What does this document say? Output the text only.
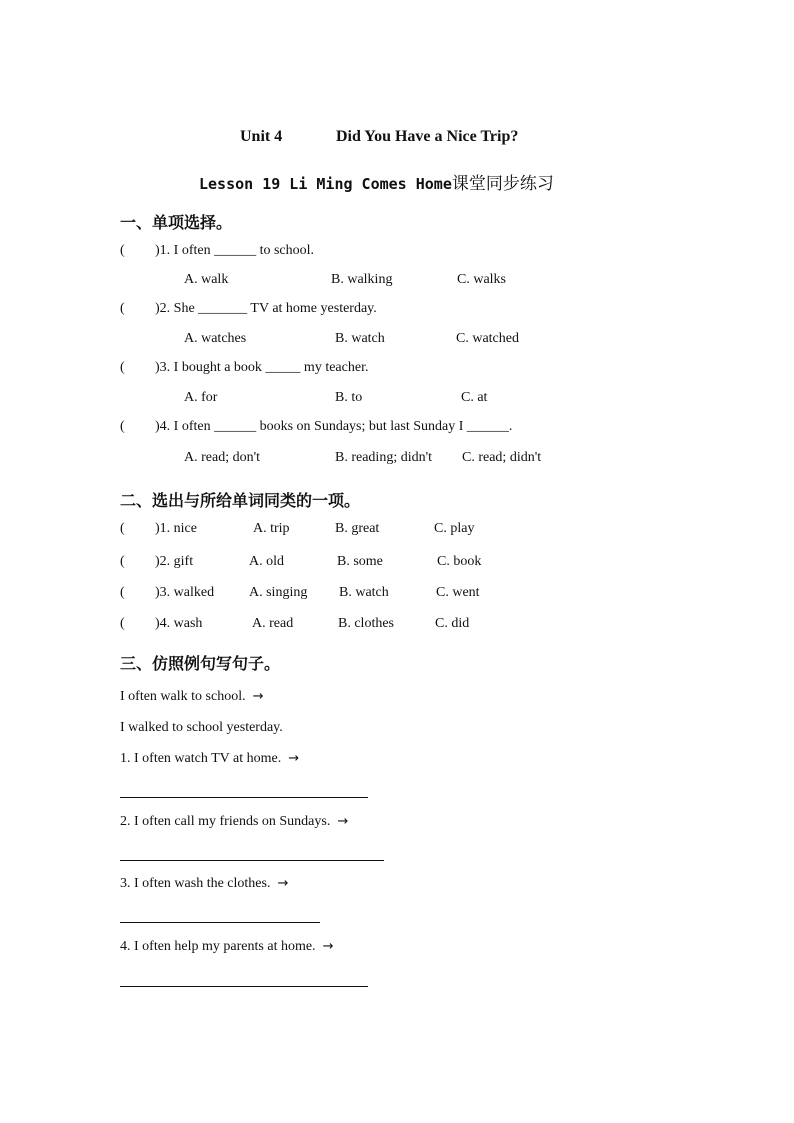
Unit 4	Did You Have a Nice Trip?
Lesson 19 Li Ming Comes Home课堂同步练习
一、单项选择。
( )1. I often ______ to school.
A. walk	B. walking	C. walks
( )2. She _______ TV at home yesterday.
A. watches	B. watch	C. watched
( )3. I bought a book _____ my teacher.
A. for	B. to	C. at
( )4. I often ______ books on Sundays; but last Sunday I ______.
A. read; don't	B. reading; didn't C. read; didn't
二、选出与所给单词同类的一项。
( )1. nice	A. trip	B. great	C. play
( )2. gift	A. old	B. some	C. book
( )3. walked A. singing B. watch	C. went
( )4. wash	A. read	B. clothes	C. did
三、仿照例句写句子。
I often walk to school. →
I walked to school yesterday.
1. I often watch TV at home. →
2. I often call my friends on Sundays. →
3. I often wash the clothes. →
4. I often help my parents at home. →
